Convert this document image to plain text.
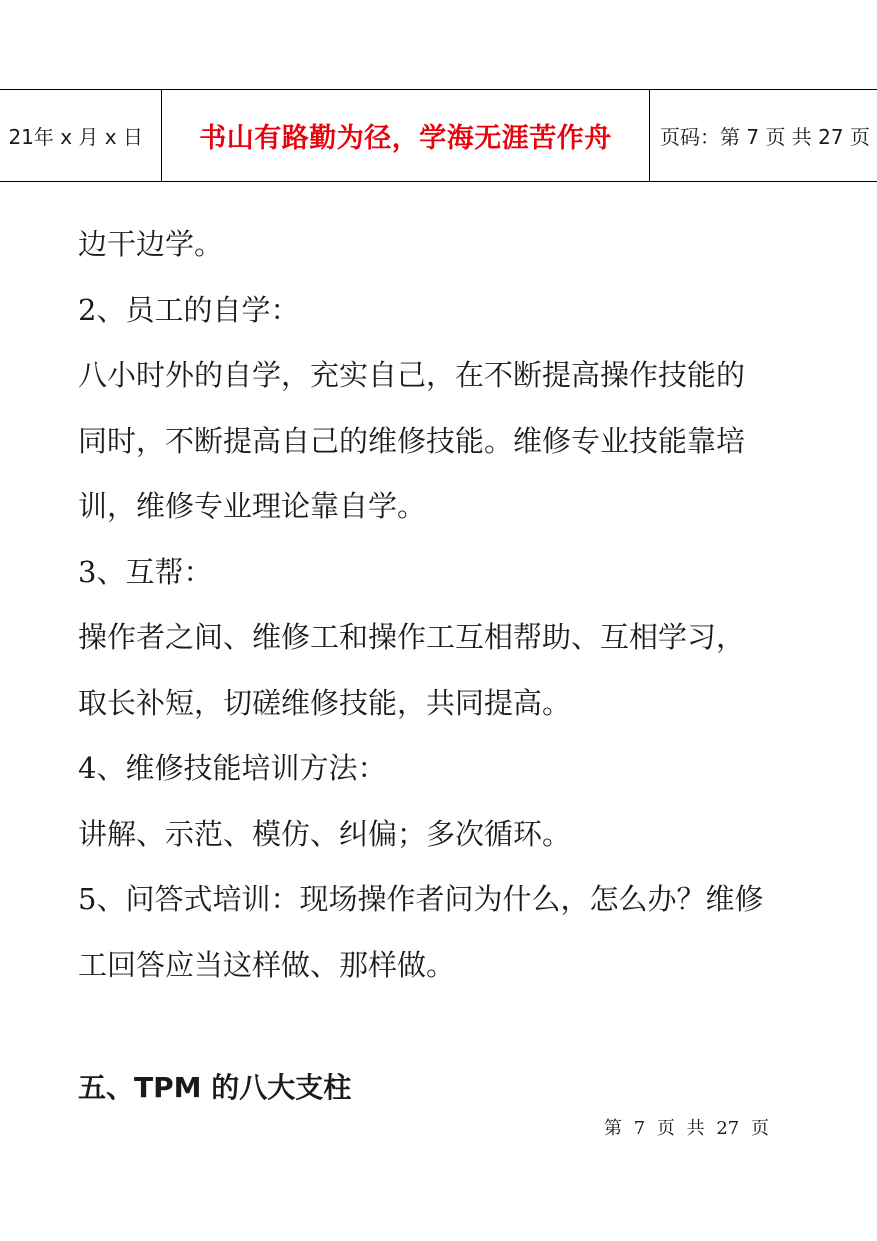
21年 x 月 x 日	书山有路勤为径，学海无涯苦作舟	页码：第 7 页 共 27 页

边干边学。

2、员工的自学：

八小时外的自学，充实自己，在不断提高操作技能的

同时，不断提高自己的维修技能。维修专业技能靠培

训，维修专业理论靠自学。

3、互帮：

操作者之间、维修工和操作工互相帮助、互相学习，

取长补短，切磋维修技能，共同提高。

4、维修技能培训方法：

讲解、示范、模仿、纠偏；多次循环。

5、问答式培训：现场操作者问为什么，怎么办？维修

工回答应当这样做、那样做。

五、TPM 的八大支柱
第 7 页 共 27 页
